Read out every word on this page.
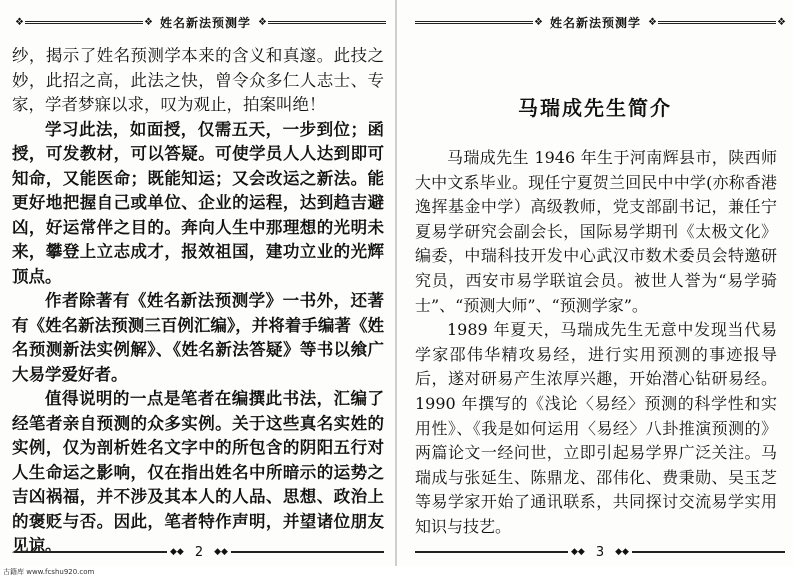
❖	❖ 姓名新法预测学 ❖

纱，揭示了姓名预测学本来的含义和真邃。此技之妙，此招之高，此法之快，曾令众多仁人志士、专家，学者梦寐以求，叹为观止，拍案叫绝！

学习此法，如面授，仅需五天，一步到位；函授，可发教材，可以答疑。可使学员人人达到即可知命，又能医命；既能知运；又会改运之新法。能更好地把握自己或单位、企业的运程，达到趋吉避凶，好运常伴之目的。奔向人生中那理想的光明未来，攀登上立志成才，报效祖国，建功立业的光辉顶点。

作者除著有《姓名新法预测学》一书外，还著有《姓名新法预测三百例汇编》，并将着手编著《姓名预测新法实例解》、《姓名新法答疑》等书以飨广大易学爱好者。

值得说明的一点是笔者在编撰此书法，汇编了经笔者亲自预测的众多实例。关于这些真名实姓的实例，仅为剖析姓名文字中的所包含的阴阳五行对人生命运之影响，仅在指出姓名中所暗示的运势之吉凶祸福，并不涉及其本人的人品、思想、政治上的褒贬与否。因此，笔者特作声明，并望诸位朋友见谅。	◆◆ 2	◆◆
❖ 姓名新法预测学 ❖	❖
马瑞成先生简介

马瑞成先生 1946 年生于河南辉县市，陕西师大中文系毕业。现任宁夏贺兰回民中中学(亦称香港逸挥基金中学）高级教师，党支部副书记，兼任宁夏易学研究会副会长，国际易学期刊《太极文化》编委，中瑞科技开发中心武汉市数术委员会特邀研究员，西安市易学联谊会员。被世人誉为“易学骑士”、“预测大师”、“预测学家”。

1989 年夏天，马瑞成先生无意中发现当代易学家邵伟华精攻易经，进行实用预测的事迹报导后，遂对研易产生浓厚兴趣，开始潜心钻研易经。1990 年撰写的《浅论〈易经〉预测的科学性和实用性》、《我是如何运用〈易经〉八卦推演预测的》两篇论文一经问世，立即引起易学界广泛关注。马瑞成与张延生、陈鼎龙、邵伟化、费秉勋、吴玉芝等易学家开始了通讯联系，共同探讨交流易学实用知识与技艺。

◆◆ 3	◆◆
古籍库 www.fcshu920.com
